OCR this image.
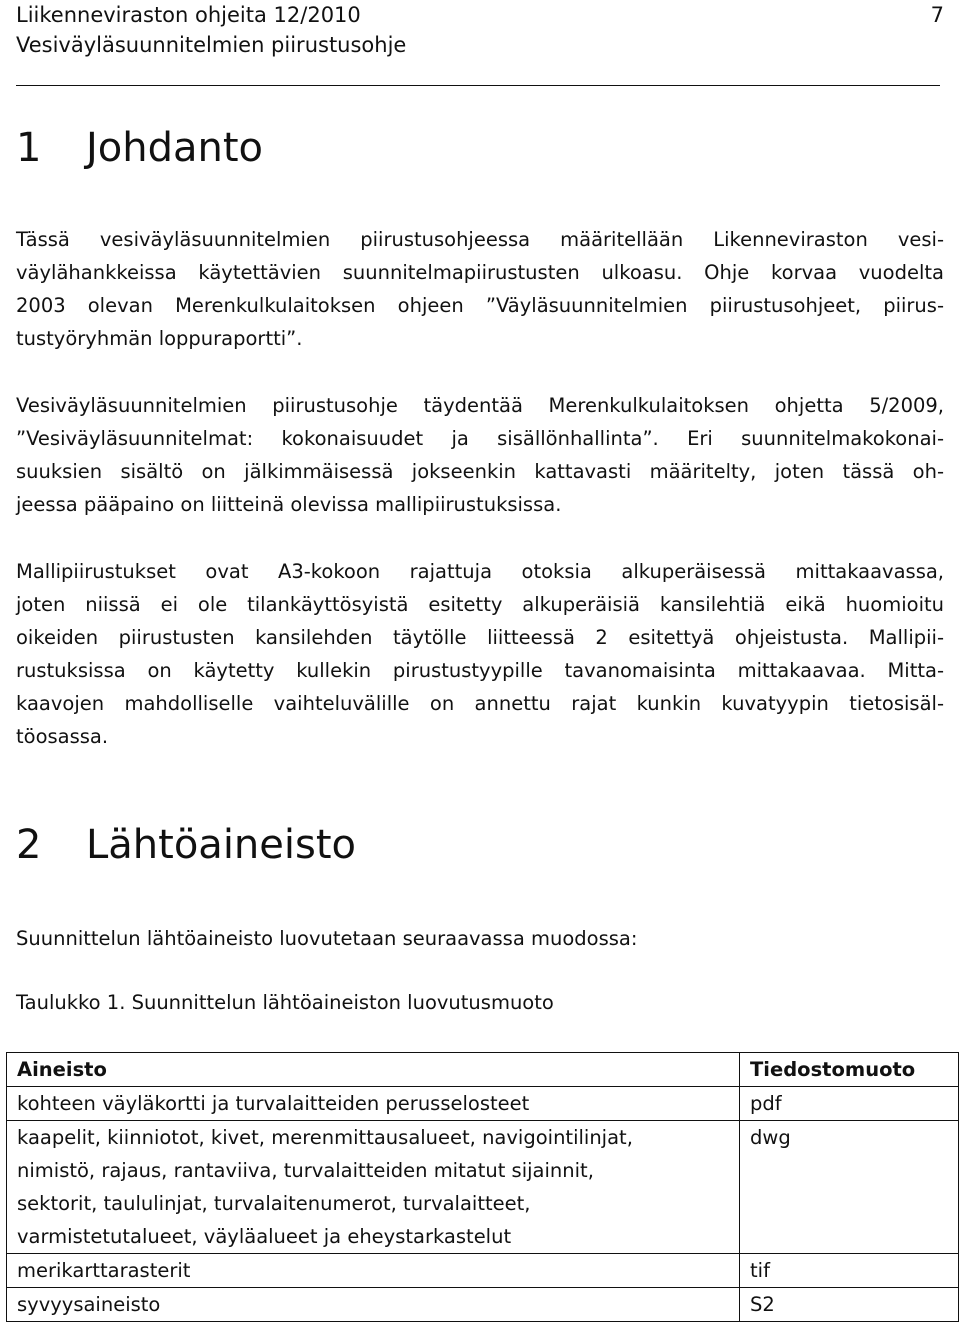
Liikenneviraston ohjeita 12/2010
Vesiväyläsuunnitelmien piirustusohje
7
1 Johdanto

Tässä vesiväyläsuunnitelmien piirustusohjeessa määritellään Likenneviraston vesi-
väylähankkeissa käytettävien suunnitelmapiirustusten ulkoasu. Ohje korvaa vuodelta
2003 olevan Merenkulkulaitoksen ohjeen ”Väyläsuunnitelmien piirustusohjeet, piirus-
tustyöryhmän loppuraportti”.

Vesiväyläsuunnitelmien piirustusohje täydentää Merenkulkulaitoksen ohjetta 5/2009,
”Vesiväyläsuunnitelmat: kokonaisuudet ja sisällönhallinta”. Eri suunnitelmakokonai-
suuksien sisältö on jälkimmäisessä jokseenkin kattavasti määritelty, joten tässä oh-
jeessa pääpaino on liitteinä olevissa mallipiirustuksissa.

Mallipiirustukset ovat A3-kokoon rajattuja otoksia alkuperäisessä mittakaavassa,
joten niissä ei ole tilankäyttösyistä esitetty alkuperäisiä kansilehtiä eikä huomioitu
oikeiden piirustusten kansilehden täytölle liitteessä 2 esitettyä ohjeistusta. Mallipii-
rustuksissa on käytetty kullekin pirustustyypille tavanomaisinta mittakaavaa. Mitta-
kaavojen mahdolliselle vaihteluvälille on annettu rajat kunkin kuvatyypin tietosisäl-
töosassa.

2 Lähtöaineisto

Suunnittelun lähtöaineisto luovutetaan seuraavassa muodossa:

Taulukko 1. Suunnittelun lähtöaineiston luovutusmuoto

Aineisto	Tiedostomuoto

kohteen väyläkortti ja turvalaitteiden perusselosteet	pdf

kaapelit, kiinniotot, kivet, merenmittausalueet, navigointilinjat,
nimistö, rajaus, rantaviiva, turvalaitteiden mitatut sijainnit,
sektorit, taululinjat, turvalaitenumerot, turvalaitteet,
varmistetutalueet, väyläalueet ja eheystarkastelut	dwg

merikarttarasterit	tif

syvyysaineisto	S2
